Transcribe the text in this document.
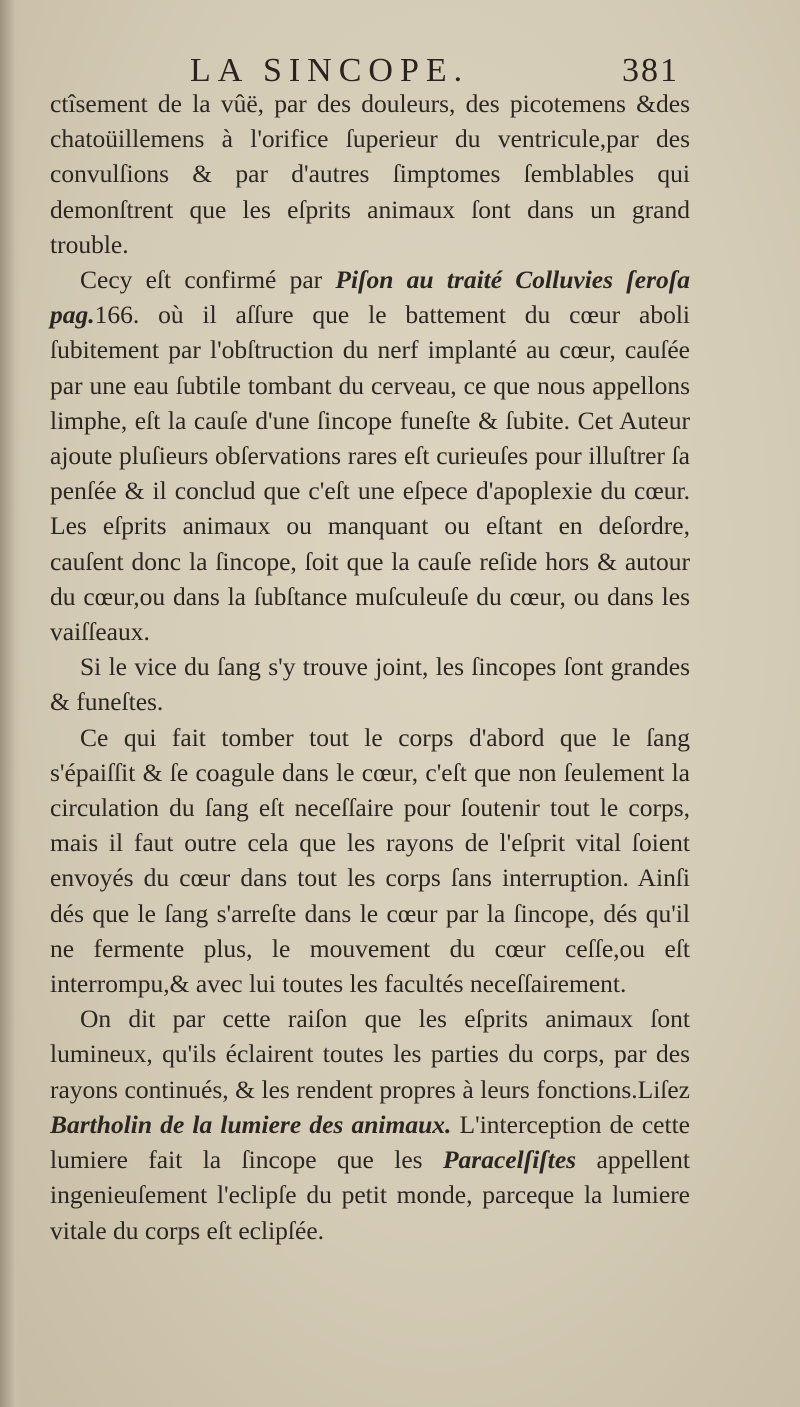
LA SINCOPE.	381

ctîsement de la vûë, par des douleurs, des picotemens &des chatoüillemens à l'orifice ſuperieur du ventricule,par des convulſions & par d'autres ſimptomes ſemblables qui demonſtrent que les eſprits animaux ſont dans un grand trouble.

Cecy eſt confirmé par Piſon au traité Colluvies ſeroſa pag.166. où il aſſure que le battement du cœur aboli ſubitement par l'obſtruction du nerf implanté au cœur, cauſée par une eau ſubtile tombant du cerveau, ce que nous appellons limphe, eſt la cauſe d'une ſincope funeſte & ſubite. Cet Auteur ajoute pluſieurs obſervations rares eſt curieuſes pour illuſtrer ſa penſée & il conclud que c'eſt une eſpece d'apoplexie du cœur. Les eſprits animaux ou manquant ou eſtant en deſordre, cauſent donc la ſincope, ſoit que la cauſe reſide hors & autour du cœur,ou dans la ſubſtance muſculeuſe du cœur, ou dans les vaiſſeaux.

Si le vice du ſang s'y trouve joint, les ſincopes ſont grandes & funeſtes.

Ce qui fait tomber tout le corps d'abord que le ſang s'épaiſſit & ſe coagule dans le cœur, c'eſt que non ſeulement la circulation du ſang eſt neceſſaire pour ſoutenir tout le corps, mais il faut outre cela que les rayons de l'eſprit vital ſoient envoyés du cœur dans tout les corps ſans interruption. Ainſi dés que le ſang s'arreſte dans le cœur par la ſincope, dés qu'il ne fermente plus, le mouvement du cœur ceſſe,ou eſt interrompu,& avec lui toutes les facultés neceſſairement.

On dit par cette raiſon que les eſprits animaux ſont lumineux, qu'ils éclairent toutes les parties du corps, par des rayons continués, & les rendent propres à leurs fonctions.Liſez Bartholin de la lumiere des animaux. L'interception de cette lumiere fait la ſincope que les Paracelſiſtes appellent ingenieuſement l'eclipſe du petit monde, parceque la lumiere vitale du corps eſt eclipſée.
